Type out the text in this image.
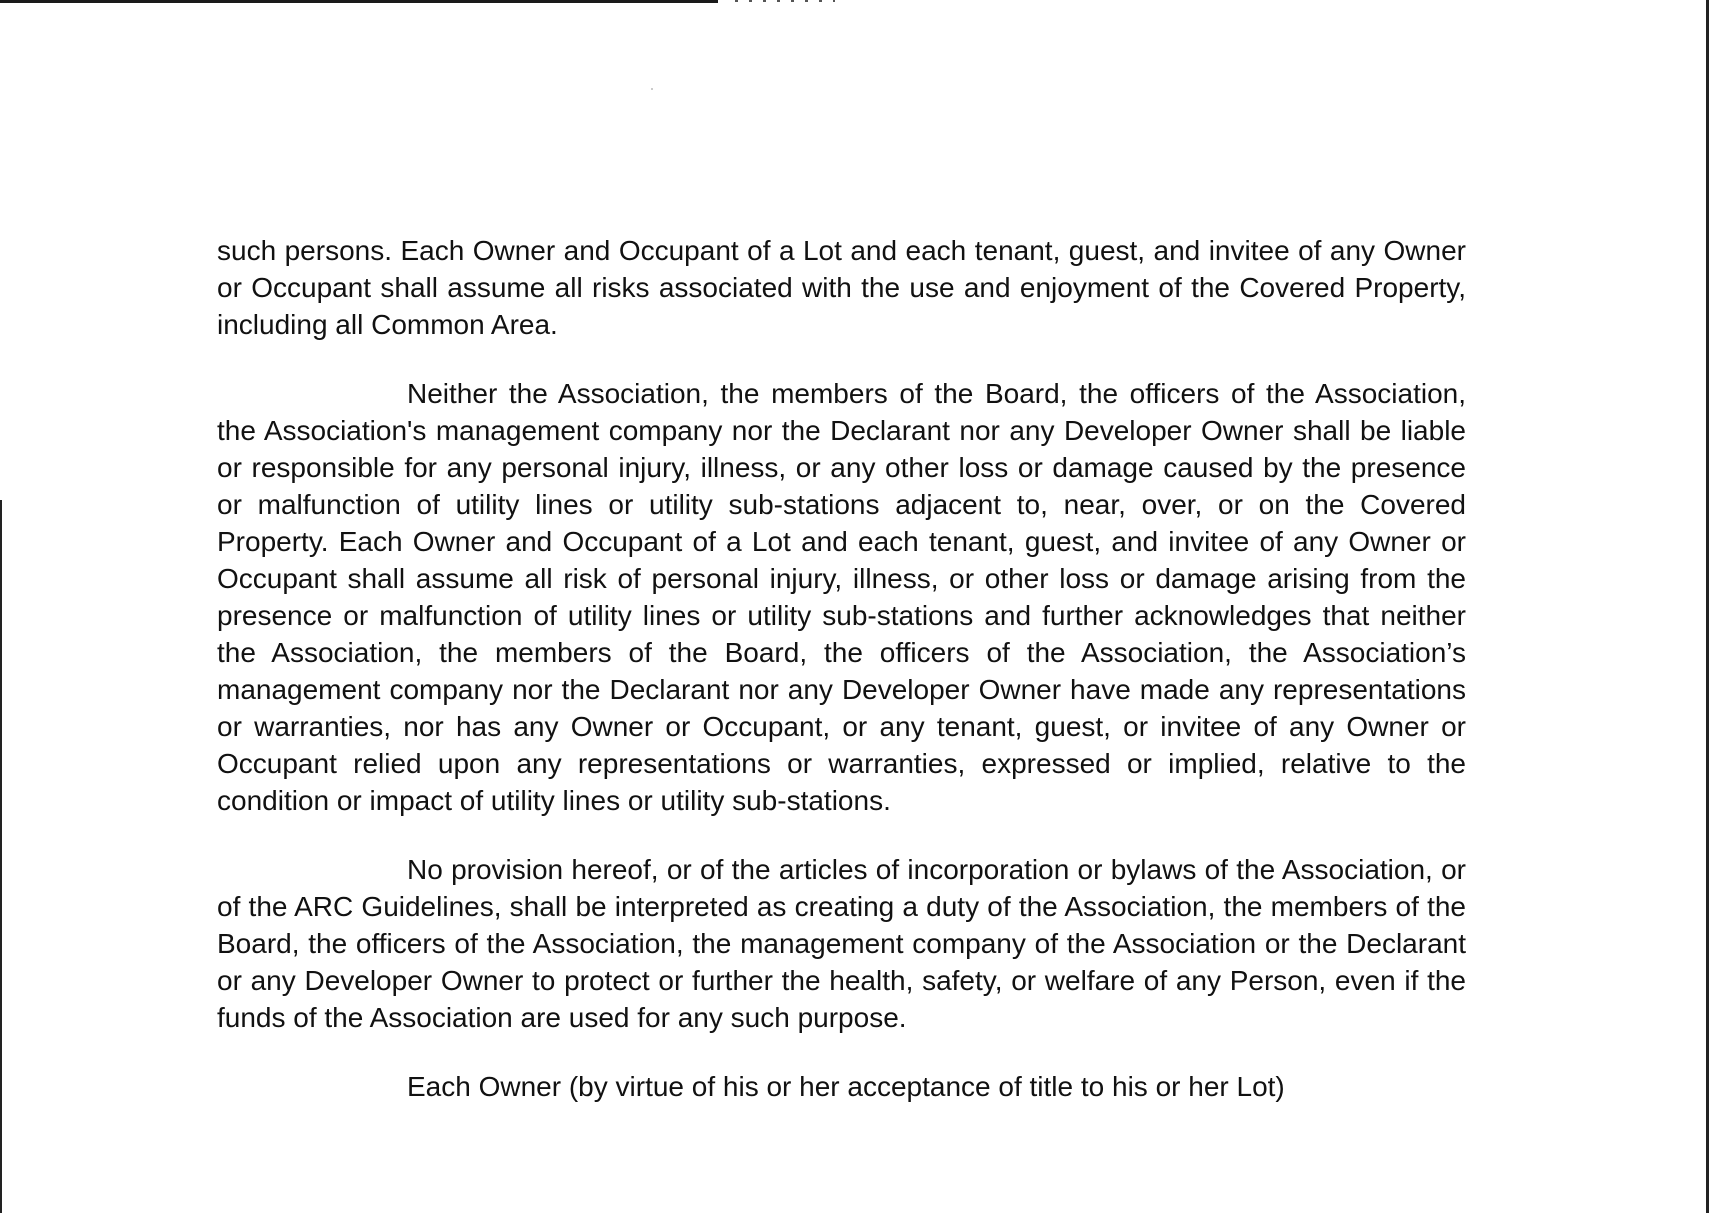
such persons. Each Owner and Occupant of a Lot and each tenant, guest, and invitee of any Owner or Occupant shall assume all risks associated with the use and enjoyment of the Covered Property, including all Common Area.

Neither the Association, the members of the Board, the officers of the Association, the Association's management company nor the Declarant nor any Developer Owner shall be liable or responsible for any personal injury, illness, or any other loss or damage caused by the presence or malfunction of utility lines or utility sub-stations adjacent to, near, over, or on the Covered Property. Each Owner and Occupant of a Lot and each tenant, guest, and invitee of any Owner or Occupant shall assume all risk of personal injury, illness, or other loss or damage arising from the presence or malfunction of utility lines or utility sub-stations and further acknowledges that neither the Association, the members of the Board, the officers of the Association, the Association’s management company nor the Declarant nor any Developer Owner have made any representations or warranties, nor has any Owner or Occupant, or any tenant, guest, or invitee of any Owner or Occupant relied upon any representations or warranties, expressed or implied, relative to the condition or impact of utility lines or utility sub-stations.

No provision hereof, or of the articles of incorporation or bylaws of the Association, or of the ARC Guidelines, shall be interpreted as creating a duty of the Association, the members of the Board, the officers of the Association, the management company of the Association or the Declarant or any Developer Owner to protect or further the health, safety, or welfare of any Person, even if the funds of the Association are used for any such purpose.

Each Owner (by virtue of his or her acceptance of title to his or her Lot)
